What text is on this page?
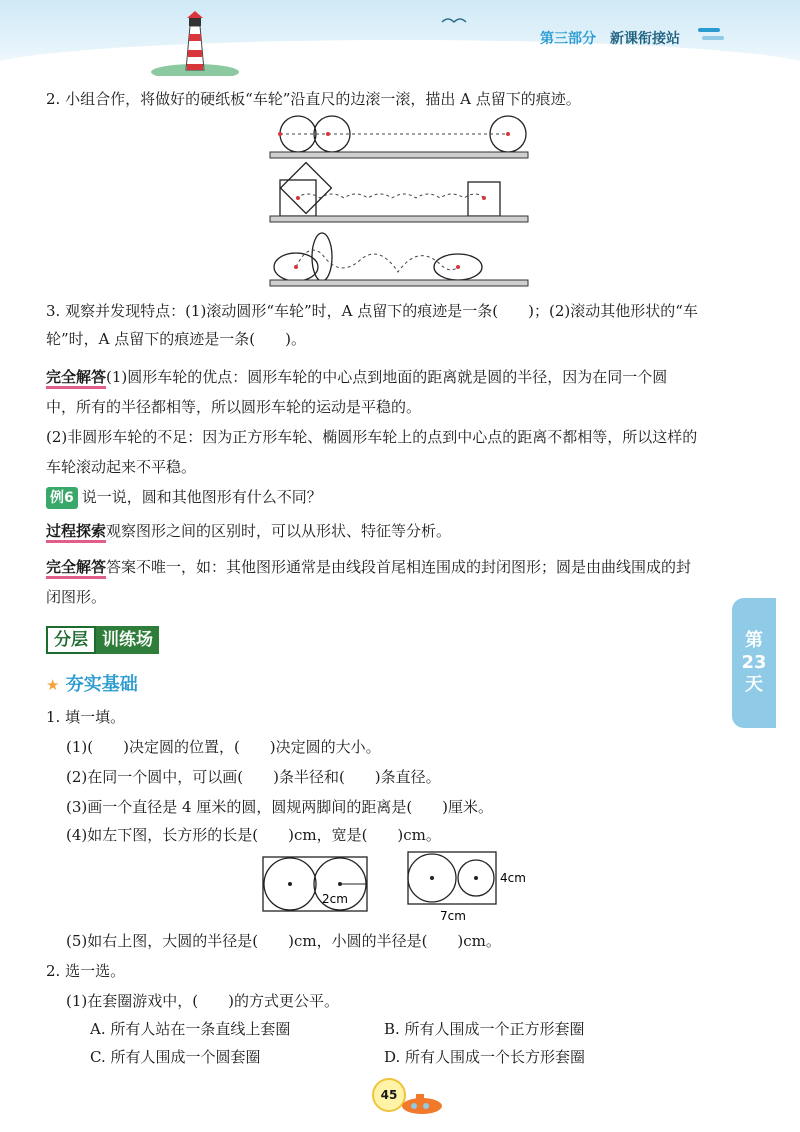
第三部分 新课衔接站
2. 小组合作，将做好的硬纸板“车轮”沿直尺的边滚一滚，描出 A 点留下的痕迹。
3. 观察并发现特点：(1)滚动圆形“车轮”时，A 点留下的痕迹是一条(　　)；(2)滚动其他形状的“车
轮”时，A 点留下的痕迹是一条(　　)。
完全解答(1)圆形车轮的优点：圆形车轮的中心点到地面的距离就是圆的半径，因为在同一个圆
中，所有的半径都相等，所以圆形车轮的运动是平稳的。
(2)非圆形车轮的不足：因为正方形车轮、椭圆形车轮上的点到中心点的距离不都相等，所以这样的
车轮滚动起来不平稳。
例6 说一说，圆和其他图形有什么不同？
过程探索观察图形之间的区别时，可以从形状、特征等分析。
完全解答答案不唯一，如：其他图形通常是由线段首尾相连围成的封闭图形；圆是由曲线围成的封
闭图形。
分层 训练场
★ 夯实基础
第
23
天
1. 填一填。
(1)(　　)决定圆的位置，(　　)决定圆的大小。
(2)在同一个圆中，可以画(　　)条半径和(　　)条直径。
(3)画一个直径是 4 厘米的圆，圆规两脚间的距离是(　　)厘米。
(4)如左下图，长方形的长是(　　)cm，宽是(　　)cm。
2cm
4cm
7cm
(5)如右上图，大圆的半径是(　　)cm，小圆的半径是(　　)cm。
2. 选一选。
(1)在套圈游戏中，(　　)的方式更公平。
A. 所有人站在一条直线上套圈	B. 所有人围成一个正方形套圈
C. 所有人围成一个圆套圈	D. 所有人围成一个长方形套圈
45
